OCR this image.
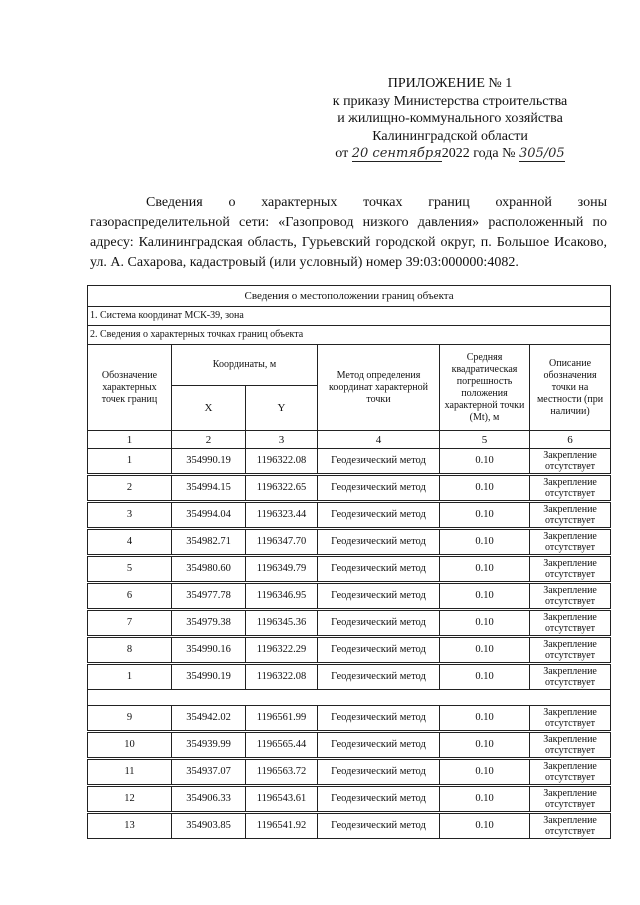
ПРИЛОЖЕНИЕ № 1
к приказу Министерства строительства
и жилищно-коммунального хозяйства
Калининградской области
от 20 сентября2022 года № 305/05
Сведения о характерных точках границ охранной зоны газораспределительной сети: «Газопровод низкого давления» расположенный по адресу: Калининградская область, Гурьевский городской округ, п. Большое Исаково, ул. А. Сахарова, кадастровый (или условный) номер 39:03:000000:4082.
Сведения о местоположении границ объекта					
1. Система координат МСК-39, зона					
2. Сведения о характерных точках границ объекта					
Обозначение характерных точек границ	Координаты, м		Метод определения координат характерной точки	Средняя квадратическая погрешность положения характерной точки (Mt), м	Описание обозначения точки на местности (при наличии)
	X	Y			
1	2	3	4	5	6
1	354990.19	1196322.08	Геодезический метод	0.10	Закрепление отсутствует

2	354994.15	1196322.65	Геодезический метод	0.10	Закрепление отсутствует

3	354994.04	1196323.44	Геодезический метод	0.10	Закрепление отсутствует

4	354982.71	1196347.70	Геодезический метод	0.10	Закрепление отсутствует

5	354980.60	1196349.79	Геодезический метод	0.10	Закрепление отсутствует

6	354977.78	1196346.95	Геодезический метод	0.10	Закрепление отсутствует

7	354979.38	1196345.36	Геодезический метод	0.10	Закрепление отсутствует

8	354990.16	1196322.29	Геодезический метод	0.10	Закрепление отсутствует

1	354990.19	1196322.08	Геодезический метод	0.10	Закрепление отсутствует

9	354942.02	1196561.99	Геодезический метод	0.10	Закрепление отсутствует

10	354939.99	1196565.44	Геодезический метод	0.10	Закрепление отсутствует

11	354937.07	1196563.72	Геодезический метод	0.10	Закрепление отсутствует

12	354906.33	1196543.61	Геодезический метод	0.10	Закрепление отсутствует

13	354903.85	1196541.92	Геодезический метод	0.10	Закрепление отсутствует
